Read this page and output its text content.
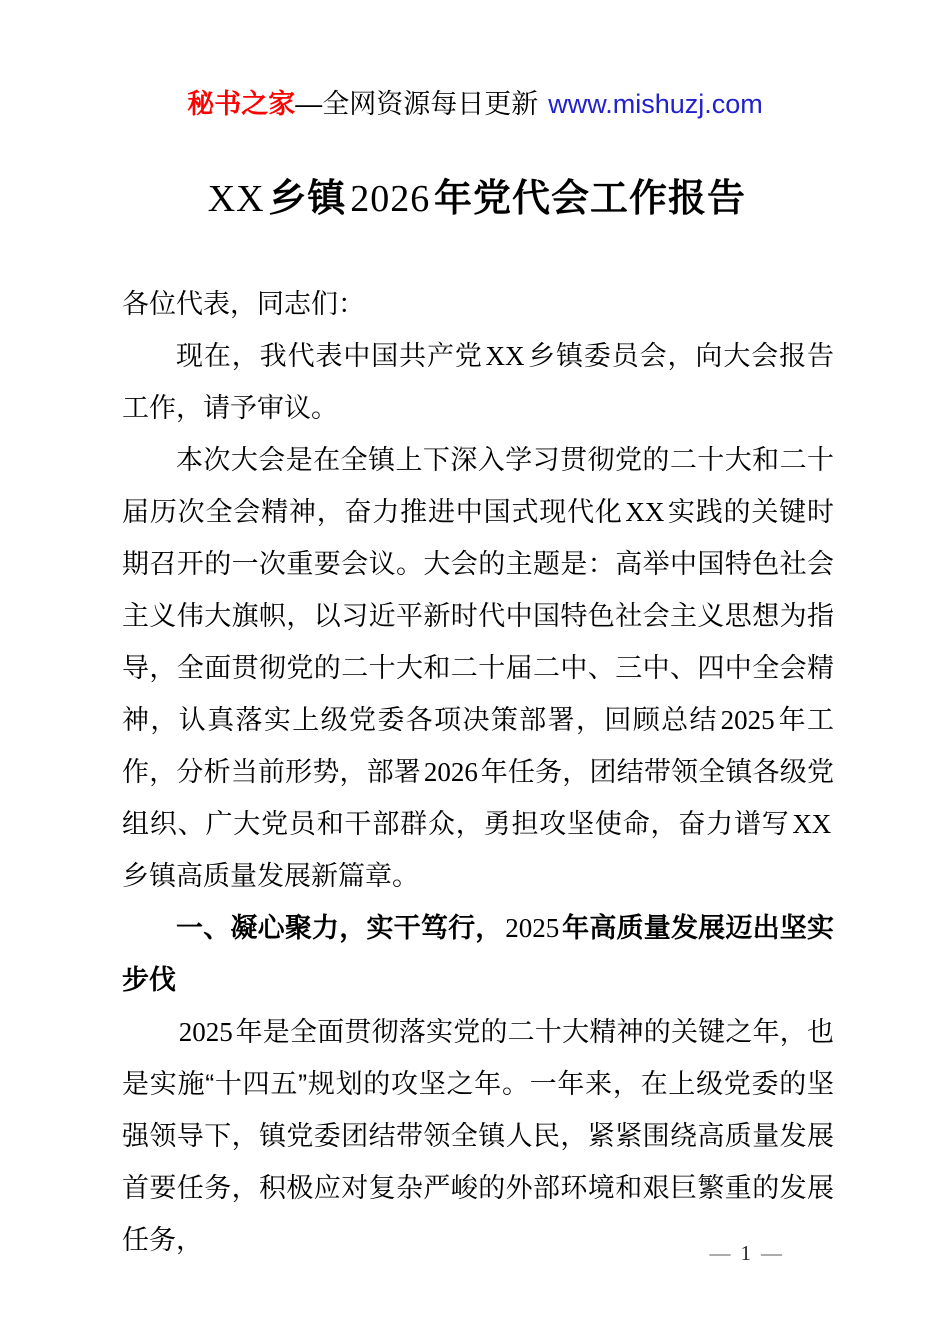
秘书之家—全网资源每日更新 www.mishuzj.com
XX乡镇2026年党代会工作报告

各位代表，同志们：

现在，我代表中国共产党XX乡镇委员会，向大会报告工作，请予审议。

本次大会是在全镇上下深入学习贯彻党的二十大和二十届历次全会精神，奋力推进中国式现代化XX实践的关键时期召开的一次重要会议。大会的主题是：高举中国特色社会主义伟大旗帜，以习近平新时代中国特色社会主义思想为指导，全面贯彻党的二十大和二十届二中、三中、四中全会精神，认真落实上级党委各项决策部署，回顾总结2025年工作，分析当前形势，部署2026年任务，团结带领全镇各级党组织、广大党员和干部群众，勇担攻坚使命，奋力谱写XX乡镇高质量发展新篇章。

一、凝心聚力，实干笃行，2025年高质量发展迈出坚实步伐

2025年是全面贯彻落实党的二十大精神的关键之年，也是实施“十四五”规划的攻坚之年。一年来，在上级党委的坚强领导下，镇党委团结带领全镇人民，紧紧围绕高质量发展首要任务，积极应对复杂严峻的外部环境和艰巨繁重的发展任务，	— 1 —
